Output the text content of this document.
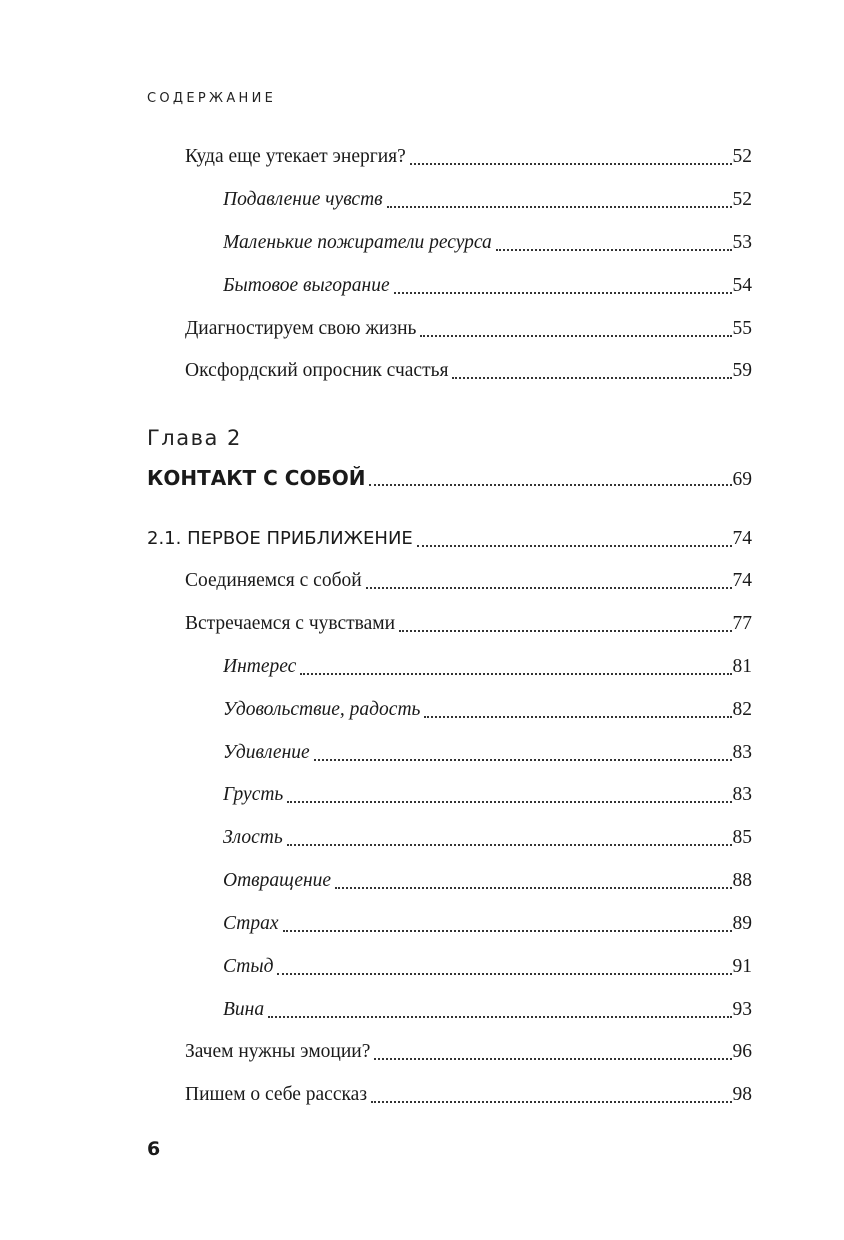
СОДЕРЖАНИЕ
Куда еще утекает энергия?	52
Подавление чувств	52
Маленькие пожиратели ресурса	53
Бытовое выгорание	54
Диагностируем свою жизнь	55
Оксфордский опросник счастья	59
Глава 2
КОНТАКТ С СОБОЙ	69
2.1. ПЕРВОЕ ПРИБЛИЖЕНИЕ	74
Соединяемся с собой	74
Встречаемся с чувствами	77
Интерес	81
Удовольствие, радость	82
Удивление	83
Грусть	83
Злость	85
Отвращение	88
Страх	89
Стыд	91
Вина	93
Зачем нужны эмоции?	96
Пишем о себе рассказ	98
6
